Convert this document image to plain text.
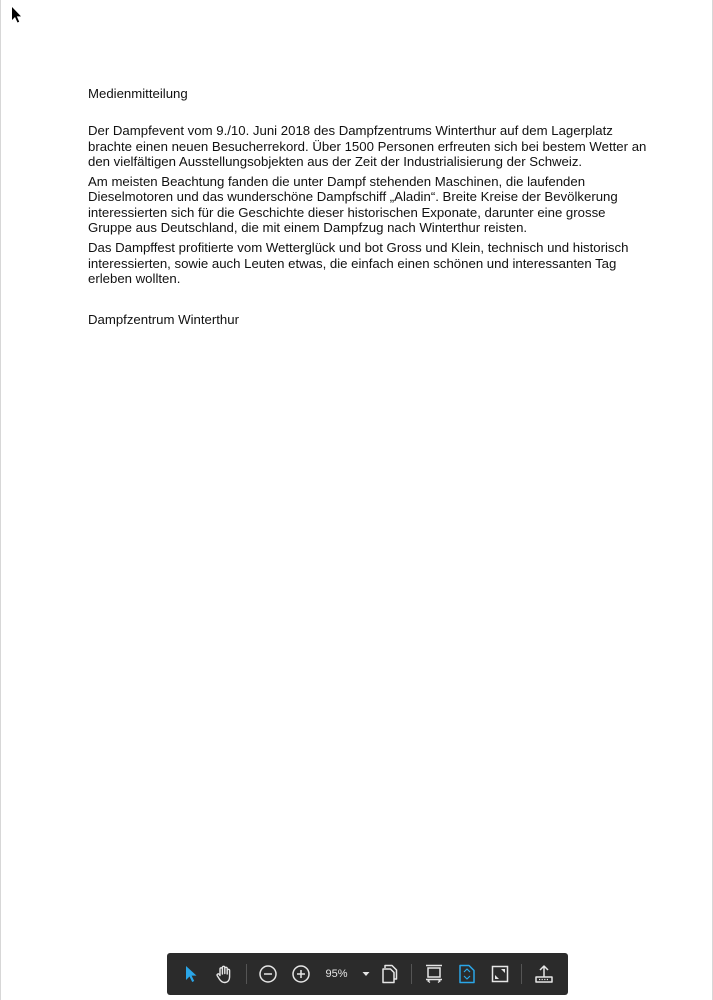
Medienmitteilung

Der Dampfevent vom 9./10. Juni 2018 des Dampfzentrums Winterthur auf dem Lagerplatz brachte einen neuen Besucherrekord. Über 1500 Personen erfreuten sich bei bestem Wetter an den vielfältigen Ausstellungsobjekten aus der Zeit der Industrialisierung der Schweiz.

Am meisten Beachtung fanden die unter Dampf stehenden Maschinen, die laufenden Dieselmotoren und das wunderschöne Dampfschiff „Aladin“. Breite Kreise der Bevölkerung interessierten sich für die Geschichte dieser historischen Exponate, darunter eine grosse Gruppe aus Deutschland, die mit einem Dampfzug nach Winterthur reisten.

Das Dampffest profitierte vom Wetterglück und bot Gross und Klein, technisch und historisch interessierten, sowie auch Leuten etwas, die einfach einen schönen und interessanten Tag erleben wollten.

Dampfzentrum Winterthur
95%
